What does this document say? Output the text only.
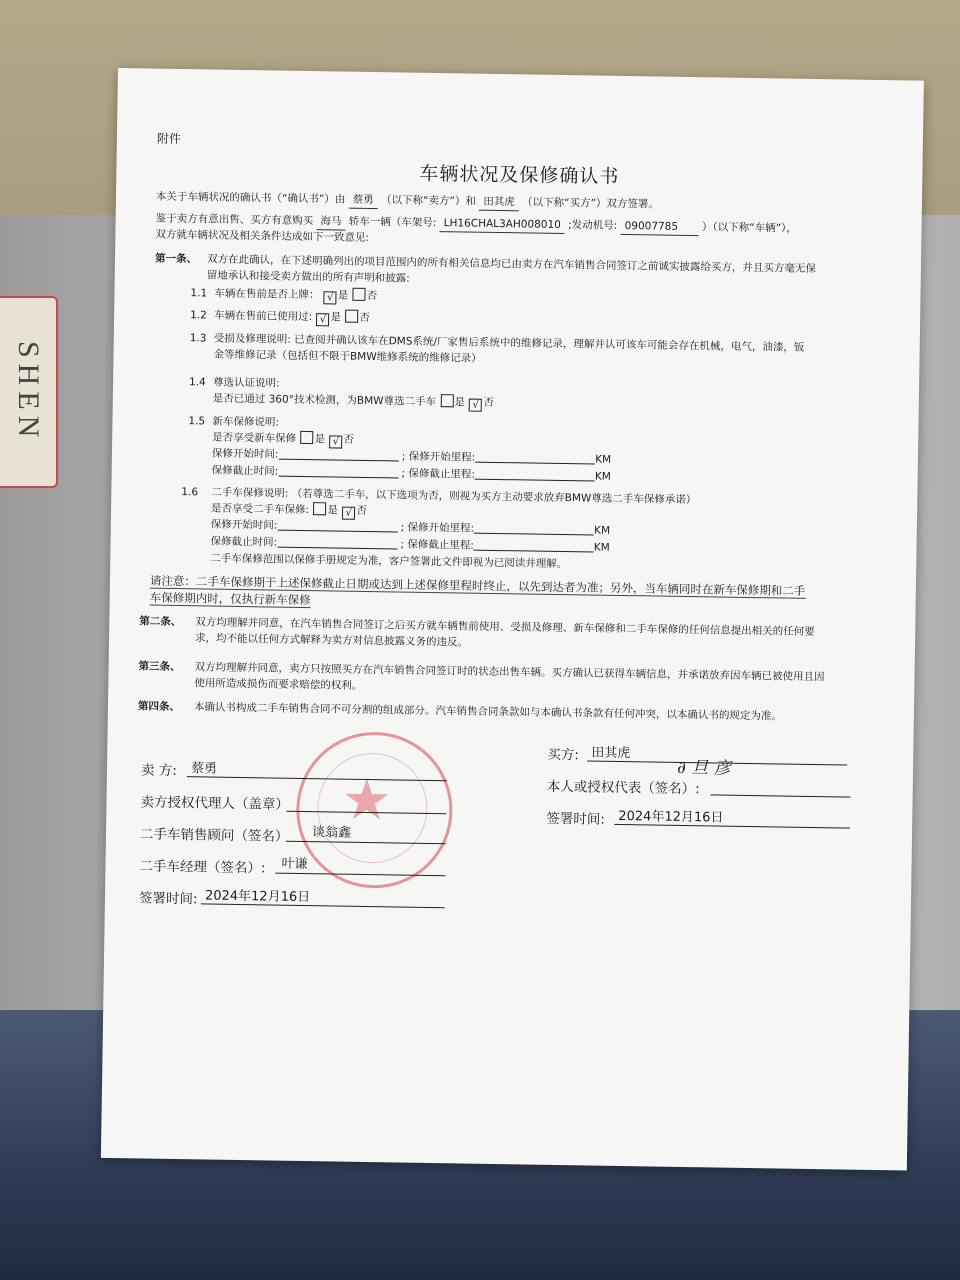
SHEN
附件
车辆状况及保修确认书
本关于车辆状况的确认书（“确认书”）由 蔡勇 （以下称“卖方”）和 田其虎 （以下称“买方”）双方签署。
鉴于卖方有意出售、买方有意购买 海马 轿车一辆（车架号: LH16CHAL3AH008010 ;发动机号: 09007785 ）（以下称“车辆”），
双方就车辆状况及相关条件达成如下一致意见:
第一条、 双方在此确认，在下述明确列出的项目范围内的所有相关信息均已由卖方在汽车销售合同签订之前诚实披露给买方，并且买方毫无保留地承认和接受卖方做出的所有声明和披露:
1.1 车辆在售前是否上牌： √ 是 否
1.2 车辆在售前已使用过: √ 是 否
1.3 受损及修理说明: 已查阅并确认该车在DMS系统/厂家售后系统中的维修记录，理解并认可该车可能会存在机械，电气，油漆，钣金等维修记录（包括但不限于BMW维修系统的维修记录）
1.4 尊选认证说明:
是否已通过 360°技术检测，为BMW尊选二手车 是 √ 否
1.5 新车保修说明:
是否享受新车保修 是 √ 否
保修开始时间:	; 保修开始里程:	KM
保修截止时间:	; 保修截止里程:	KM
1.6 二手车保修说明: （若尊选二手车，以下选项为否，则视为买方主动要求放弃BMW尊选二手车保修承诺）
是否享受二手车保修: 是 √ 否
保修开始时间:	; 保修开始里程:	KM
保修截止时间:	; 保修截止里程:	KM
二手车保修范围以保修手册规定为准，客户签署此文件即视为已阅读并理解。
请注意：二手车保修期于上述保修截止日期或达到上述保修里程时终止，以先到达者为准；另外，当车辆同时在新车保修期和二手车保修期内时，仅执行新车保修
第二条、 双方均理解并同意，在汽车销售合同签订之后买方就车辆售前使用、受损及修理、新车保修和二手车保修的任何信息提出相关的任何要求，均不能以任何方式解释为卖方对信息披露义务的违反。
第三条、 双方均理解并同意，卖方只按照买方在汽车销售合同签订时的状态出售车辆。买方确认已获得车辆信息，并承诺放弃因车辆已被使用且因使用所造成损伤而要求赔偿的权利。
第四条、 本确认书构成二手车销售合同不可分割的组成部分。汽车销售合同条款如与本确认书条款有任何冲突，以本确认书的规定为准。
★
卖 方: 蔡勇
卖方授权代理人（盖章）
二手车销售顾问（签名） 谈翁鑫
二手车经理（签名）: 叶谦
签署时间: 2024年12月16日
买方: 田其虎
本人或授权代表（签名）:
∂ 旦 彦
签署时间: 2024年12月16日
